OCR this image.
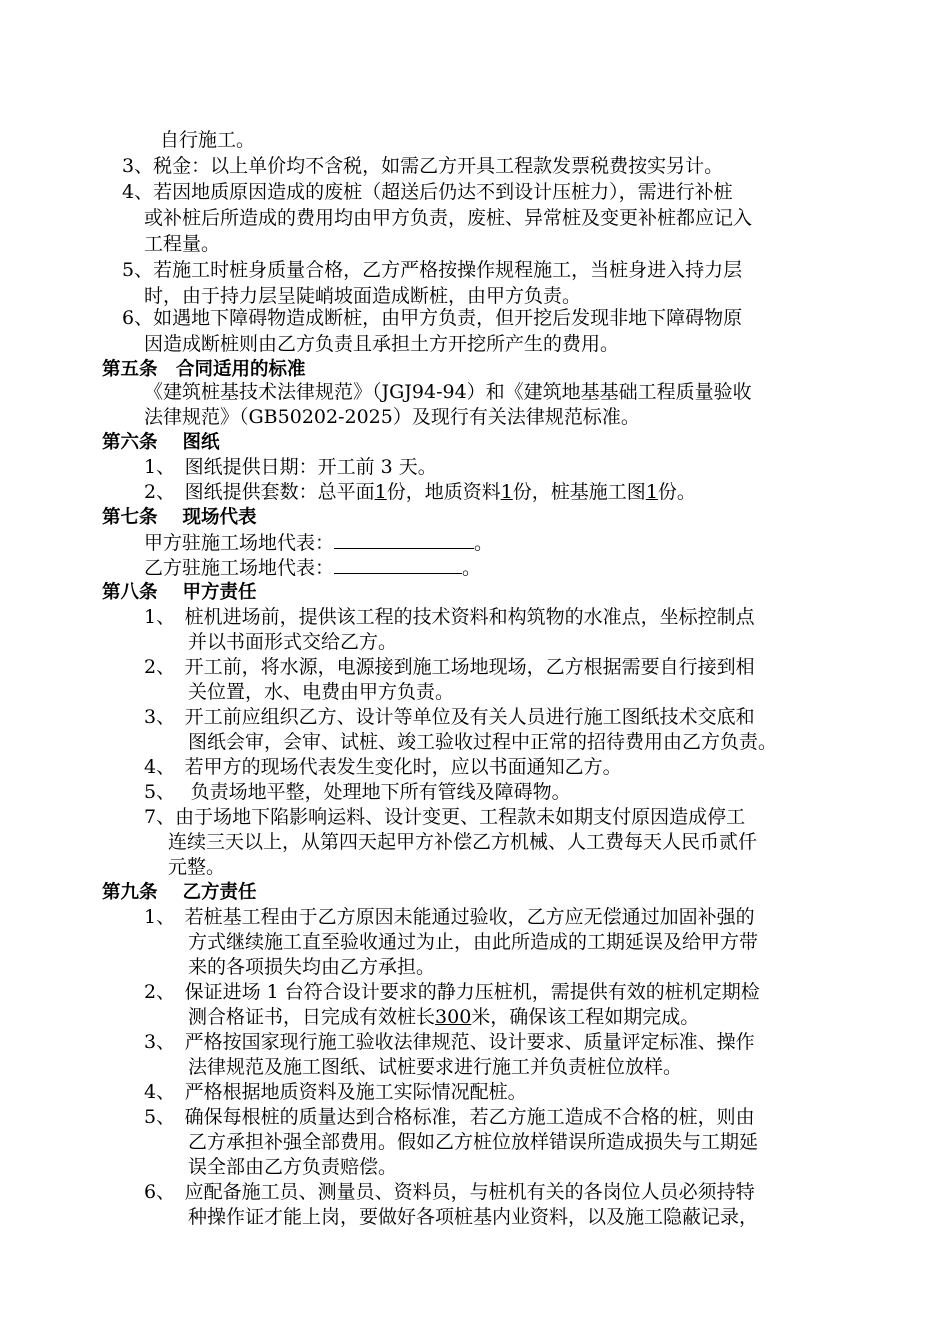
自行施工。
3、税金：以上单价均不含税，如需乙方开具工程款发票税费按实另计。
4、若因地质原因造成的废桩（超送后仍达不到设计压桩力），需进行补桩
或补桩后所造成的费用均由甲方负责，废桩、异常桩及变更补桩都应记入
工程量。
5、若施工时桩身质量合格，乙方严格按操作规程施工，当桩身进入持力层
时，由于持力层呈陡峭坡面造成断桩，由甲方负责。
6、如遇地下障碍物造成断桩，由甲方负责，但开挖后发现非地下障碍物原
因造成断桩则由乙方负责且承担土方开挖所产生的费用。
第五条　合同适用的标准
《建筑桩基技术法律规范》（JGJ94-94）和《建筑地基基础工程质量验收
法律规范》（GB50202-2025）及现行有关法律规范标准。
第六条　 图纸
1、　图纸提供日期：开工前 3 天。
2、　图纸提供套数：总平面1份，地质资料1份，桩基施工图1份。
第七条　 现场代表
甲方驻施工场地代表：	。
乙方驻施工场地代表：	。
第八条　 甲方责任
1、　桩机进场前，提供该工程的技术资料和构筑物的水准点，坐标控制点
并以书面形式交给乙方。
2、　开工前，将水源，电源接到施工场地现场，乙方根据需要自行接到相
关位置，水、电费由甲方负责。
3、　开工前应组织乙方、设计等单位及有关人员进行施工图纸技术交底和
图纸会审，会审、试桩、竣工验收过程中正常的招待费用由乙方负责。
4、　若甲方的现场代表发生变化时，应以书面通知乙方。
5、　 负责场地平整，处理地下所有管线及障碍物。
7、由于场地下陷影响运料、设计变更、工程款未如期支付原因造成停工
连续三天以上，从第四天起甲方补偿乙方机械、人工费每天人民币贰仟
元整。
第九条　 乙方责任
1、　若桩基工程由于乙方原因未能通过验收，乙方应无偿通过加固补强的
方式继续施工直至验收通过为止，由此所造成的工期延误及给甲方带
来的各项损失均由乙方承担。
2、　保证进场 1 台符合设计要求的静力压桩机，需提供有效的桩机定期检
测合格证书，日完成有效桩长300米，确保该工程如期完成。
3、　严格按国家现行施工验收法律规范、设计要求、质量评定标准、操作
法律规范及施工图纸、试桩要求进行施工并负责桩位放样。
4、　严格根据地质资料及施工实际情况配桩。
5、　确保每根桩的质量达到合格标准，若乙方施工造成不合格的桩，则由
乙方承担补强全部费用。假如乙方桩位放样错误所造成损失与工期延
误全部由乙方负责赔偿。
6、　应配备施工员、测量员、资料员，与桩机有关的各岗位人员必须持特
种操作证才能上岗，要做好各项桩基内业资料，以及施工隐蔽记录，
